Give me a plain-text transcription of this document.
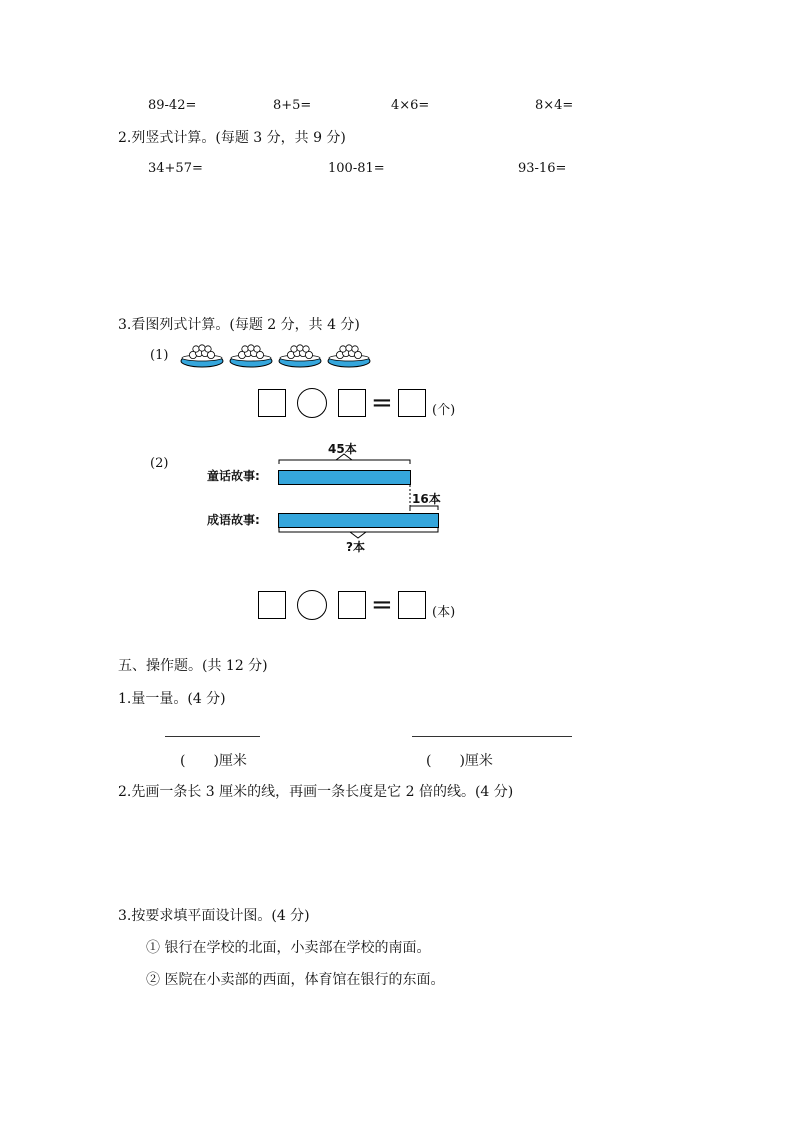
89-42=	8+5=	4×6=	8×4=
2.列竖式计算。(每题 3 分，共 9 分)
34+57=	100-81=	93-16=
3.看图列式计算。(每题 2 分，共 4 分)
(1)
=	(个)
(2)
45本
童话故事:
16本
成语故事:
?本
=	(本)
五、操作题。(共 12 分)
1.量一量。(4 分)
(　　)厘米	(　　)厘米
2.先画一条长 3 厘米的线，再画一条长度是它 2 倍的线。(4 分)
3.按要求填平面设计图。(4 分)
① 银行在学校的北面，小卖部在学校的南面。
② 医院在小卖部的西面，体育馆在银行的东面。
